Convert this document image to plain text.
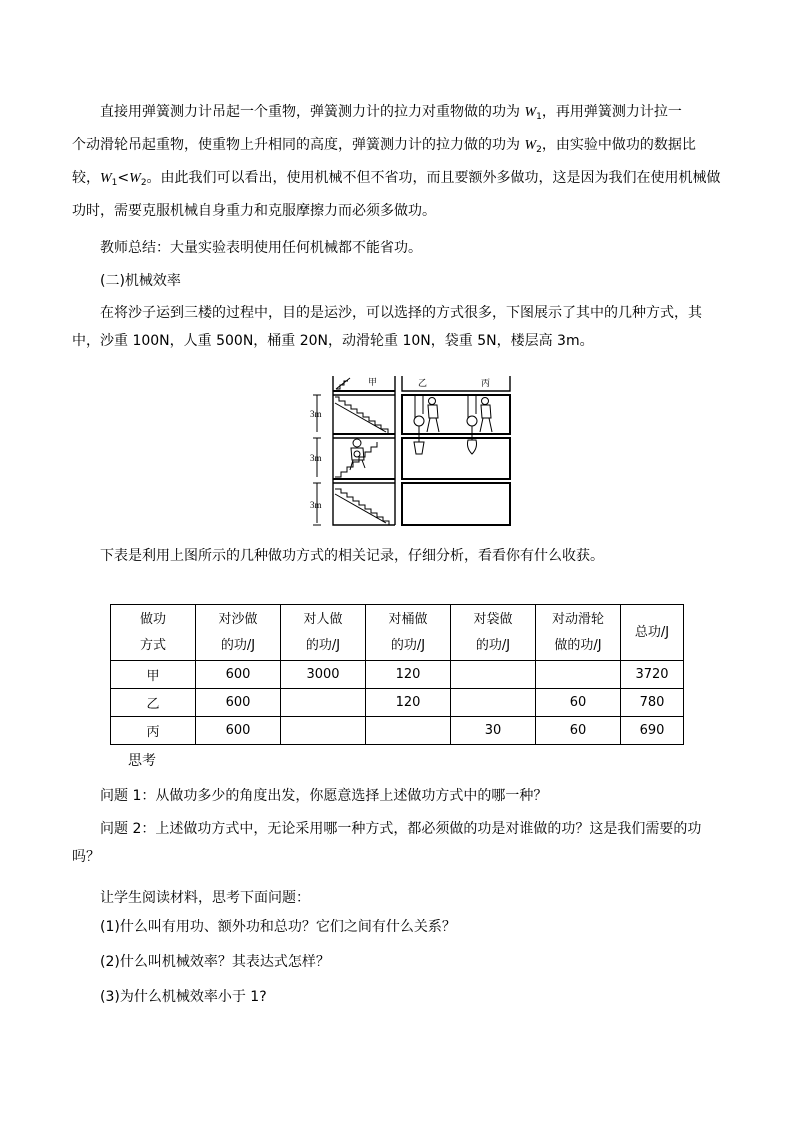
直接用弹簧测力计吊起一个重物，弹簧测力计的拉力对重物做的功为 $W_1$，再用弹簧测力计拉一
个动滑轮吊起重物，使重物上升相同的高度，弹簧测力计的拉力做的功为 $W_2$，由实验中做功的数据比
较，$W_1<W_2$。由此我们可以看出，使用机械不但不省功，而且要额外多做功，这是因为我们在使用机械做
功时，需要克服机械自身重力和克服摩擦力而必须多做功。

教师总结：大量实验表明使用任何机械都不能省功。

(二)机械效率

在将沙子运到三楼的过程中，目的是运沙，可以选择的方式很多，下图展示了其中的几种方式，其
中，沙重 100N，人重 500N，桶重 20N，动滑轮重 10N，袋重 5N，楼层高 3m。
甲	乙	丙
3m
3m
3m

下表是利用上图所示的几种做功方式的相关记录，仔细分析，看看你有什么收获。

做功
方式	对沙做
的功/J	对人做
的功/J	对桶做
的功/J	对袋做
的功/J	对动滑轮
做的功/J	总功/J
甲	600	3000	120			3720
乙	600		120		60	780
丙	600			30	60	690

思考

问题 1：从做功多少的角度出发，你愿意选择上述做功方式中的哪一种？

问题 2：上述做功方式中，无论采用哪一种方式，都必须做的功是对谁做的功？这是我们需要的功
吗？

让学生阅读材料，思考下面问题：

(1)什么叫有用功、额外功和总功？它们之间有什么关系？

(2)什么叫机械效率？其表达式怎样？

(3)为什么机械效率小于 1?
